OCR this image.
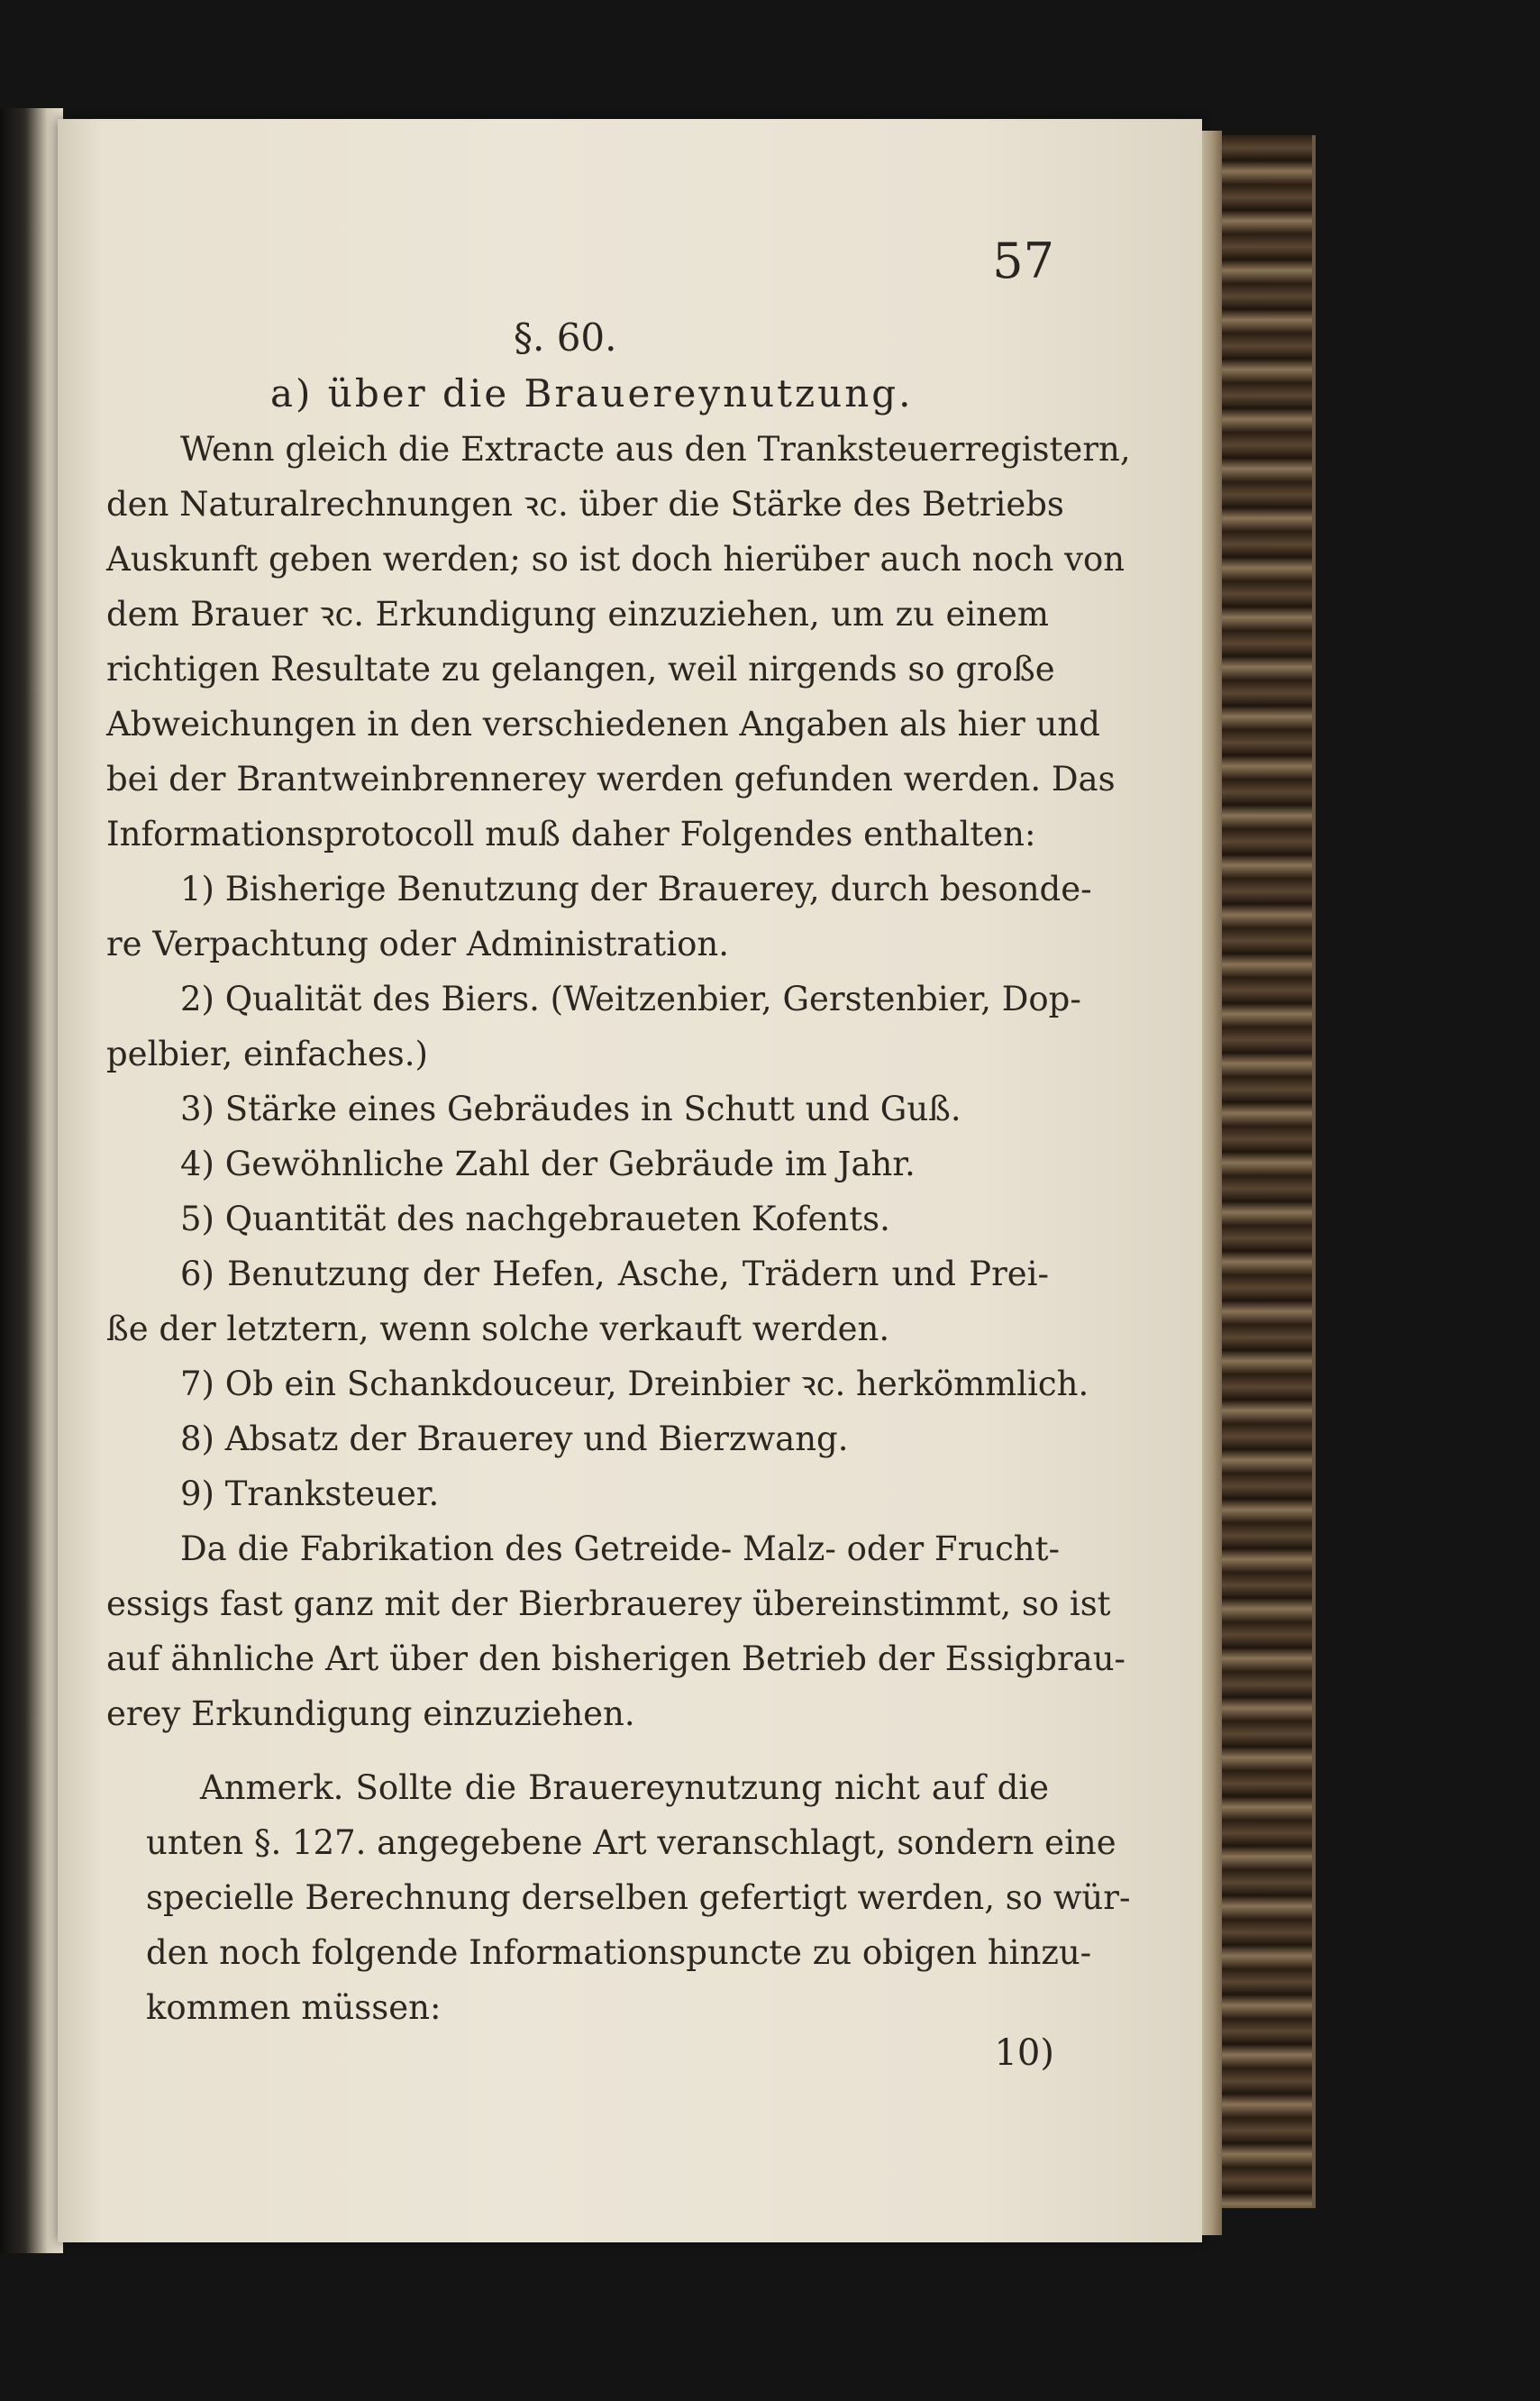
57
§. 60.
a) über die Brauereynutzung.
Wenn gleich die Extracte aus den Tranksteuerregistern,
den Naturalrechnungen ꝛc. über die Stärke des Betriebs
Auskunft geben werden; so ist doch hierüber auch noch von
dem Brauer ꝛc. Erkundigung einzuziehen, um zu einem
richtigen Resultate zu gelangen, weil nirgends so große
Abweichungen in den verschiedenen Angaben als hier und
bei der Brantweinbrennerey werden gefunden werden. Das
Informationsprotocoll muß daher Folgendes enthalten:
1) Bisherige Benutzung der Brauerey, durch besonde-
re Verpachtung oder Administration.
2) Qualität des Biers. (Weitzenbier, Gerstenbier, Dop-
pelbier, einfaches.)
3) Stärke eines Gebräudes in Schutt und Guß.
4) Gewöhnliche Zahl der Gebräude im Jahr.
5) Quantität des nachgebraueten Kofents.
6) Benutzung der Hefen, Asche, Trädern und Prei-
ße der letztern, wenn solche verkauft werden.
7) Ob ein Schankdouceur, Dreinbier ꝛc. herkömmlich.
8) Absatz der Brauerey und Bierzwang.
9) Tranksteuer.
Da die Fabrikation des Getreide- Malz- oder Frucht-
essigs fast ganz mit der Bierbrauerey übereinstimmt, so ist
auf ähnliche Art über den bisherigen Betrieb der Essigbrau-
erey Erkundigung einzuziehen.
Anmerk. Sollte die Brauereynutzung nicht auf die
unten §. 127. angegebene Art veranschlagt, sondern eine
specielle Berechnung derselben gefertigt werden, so wür-
den noch folgende Informationspuncte zu obigen hinzu-
kommen müssen:
10)
